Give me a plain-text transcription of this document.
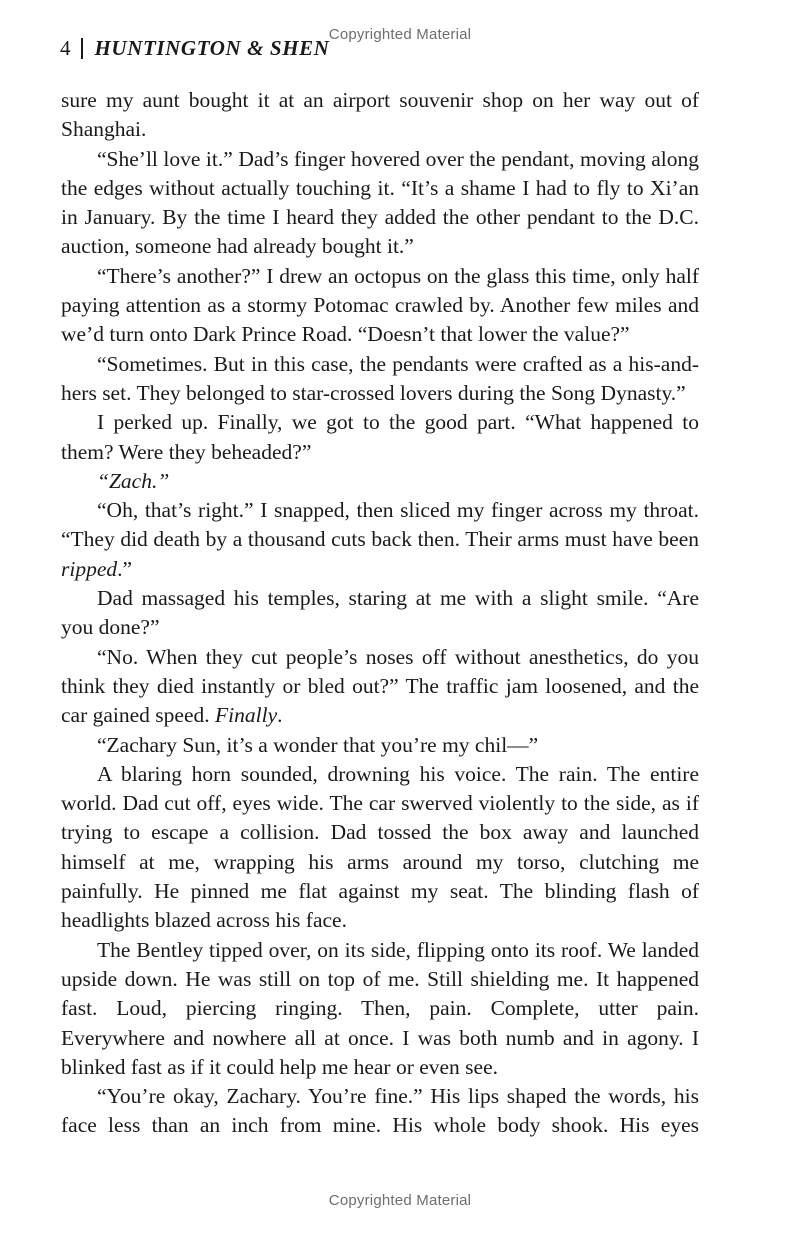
Copyrighted Material
4 HUNTINGTON & SHEN

sure my aunt bought it at an airport souvenir shop on her way out of Shanghai.

“She’ll love it.” Dad’s finger hovered over the pendant, moving along the edges without actually touching it. “It’s a shame I had to fly to Xi’an in January. By the time I heard they added the other pendant to the D.C. auction, someone had already bought it.”

“There’s another?” I drew an octopus on the glass this time, only half paying attention as a stormy Potomac crawled by. Another few miles and we’d turn onto Dark Prince Road. “Doesn’t that lower the value?”

“Sometimes. But in this case, the pendants were crafted as a his-and-hers set. They belonged to star-crossed lovers during the Song Dynasty.”

I perked up. Finally, we got to the good part. “What happened to them? Were they beheaded?”

“Zach.”

“Oh, that’s right.” I snapped, then sliced my finger across my throat. “They did death by a thousand cuts back then. Their arms must have been ripped.”

Dad massaged his temples, staring at me with a slight smile. “Are you done?”

“No. When they cut people’s noses off without anesthetics, do you think they died instantly or bled out?” The traffic jam loosened, and the car gained speed. Finally.

“Zachary Sun, it’s a wonder that you’re my chil—”

A blaring horn sounded, drowning his voice. The rain. The entire world. Dad cut off, eyes wide. The car swerved violently to the side, as if trying to escape a collision. Dad tossed the box away and launched himself at me, wrapping his arms around my torso, clutching me painfully. He pinned me flat against my seat. The blinding flash of headlights blazed across his face.

The Bentley tipped over, on its side, flipping onto its roof. We landed upside down. He was still on top of me. Still shielding me. It happened fast. Loud, piercing ringing. Then, pain. Complete, utter pain. Everywhere and nowhere all at once. I was both numb and in agony. I blinked fast as if it could help me hear or even see.

“You’re okay, Zachary. You’re fine.” His lips shaped the words, his face less than an inch from mine. His whole body shook. His eyes

Copyrighted Material
